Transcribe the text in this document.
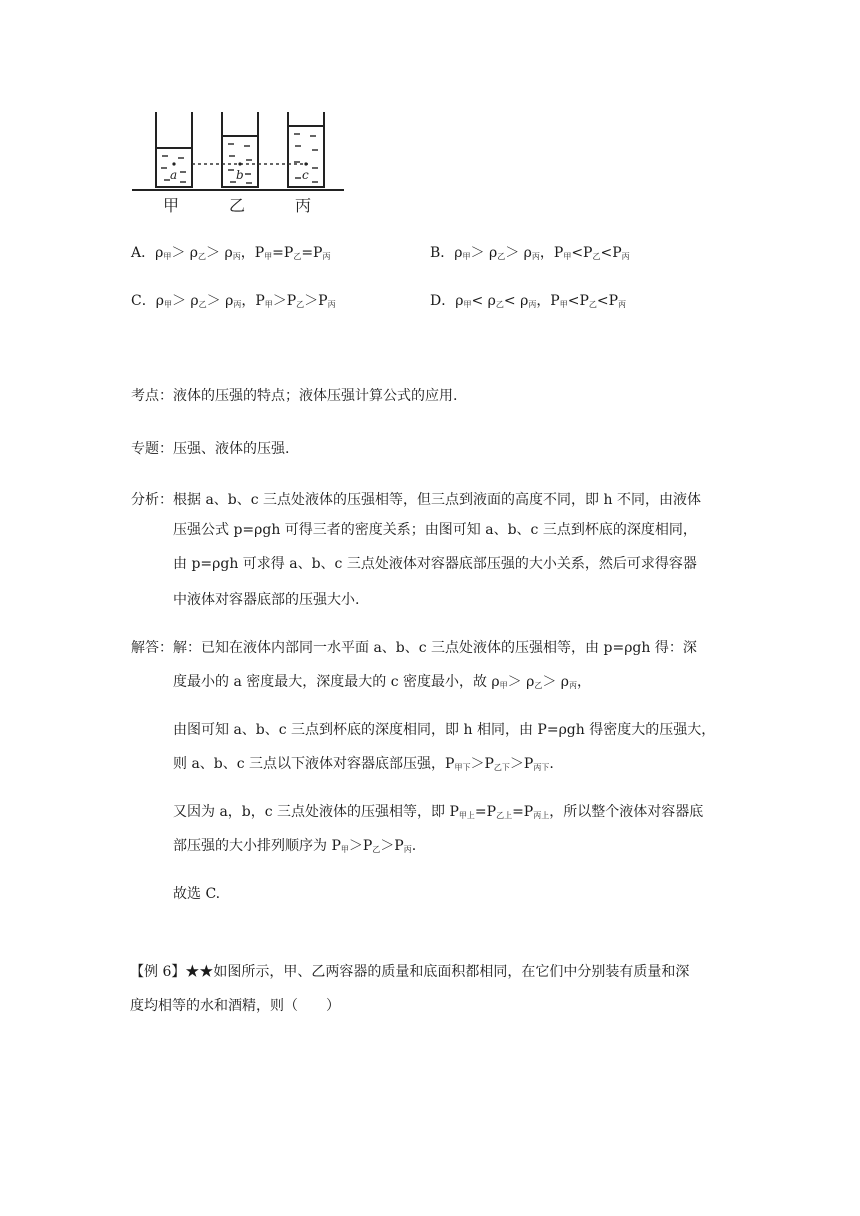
a	b	c
甲	乙	丙
A．$\rho_甲> \rho_乙> \rho_丙$，$P_甲=P_乙=P_丙$	B．$\rho_甲> \rho_乙> \rho_丙$，$P_甲<P_乙<P_丙$
C．$\rho_甲> \rho_乙> \rho_丙$，$P_甲>P_乙>P_丙$	D．$\rho_甲< \rho_乙< \rho_丙$，$P_甲<P_乙<P_丙$
考点：液体的压强的特点；液体压强计算公式的应用.
专题：压强、液体的压强.
分析：根据 a、b、c 三点处液体的压强相等，但三点到液面的高度不同，即 h 不同，由液体
压强公式 p=ρgh 可得三者的密度关系；由图可知 a、b、c 三点到杯底的深度相同，
由 p=ρgh 可求得 a、b、c 三点处液体对容器底部压强的大小关系，然后可求得容器
中液体对容器底部的压强大小.
解答：解：已知在液体内部同一水平面 a、b、c 三点处液体的压强相等，由 p=ρgh 得：深
度最小的 a 密度最大，深度最大的 c 密度最小，故 $\rho_甲> \rho_乙> \rho_丙$，
由图可知 a、b、c 三点到杯底的深度相同，即 h 相同，由 P=ρgh 得密度大的压强大，
则 a、b、c 三点以下液体对容器底部压强，$P_{甲下}>P_{乙下}>P_{丙下}$.
又因为 a，b，c 三点处液体的压强相等，即 $P_{甲上}=P_{乙上}=P_{丙上}$，所以整个液体对容器底
部压强的大小排列顺序为 $P_甲>P_乙>P_丙$.
故选 C.
【例 6】★★如图所示，甲、乙两容器的质量和底面积都相同，在它们中分别装有质量和深
度均相等的水和酒精，则（　　）
